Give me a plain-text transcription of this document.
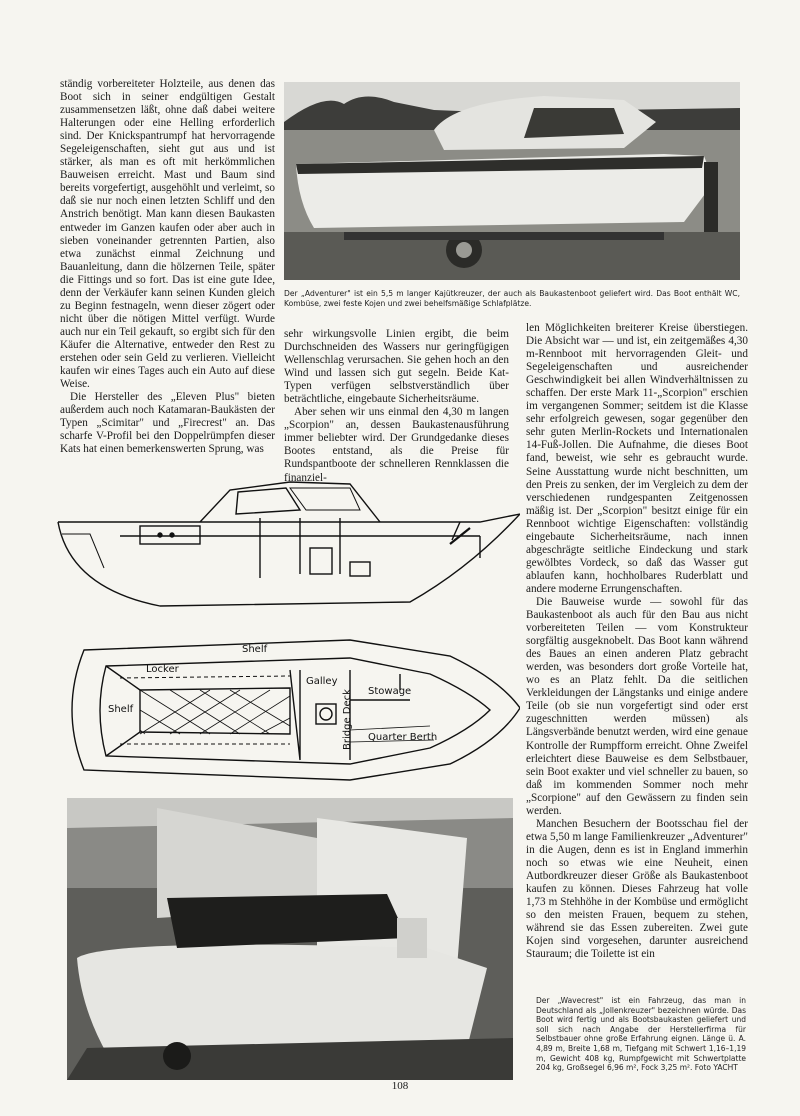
ständig vorbereiteter Holzteile, aus denen das Boot sich in seiner endgültigen Gestalt zusammensetzen läßt, ohne daß dabei weitere Halterungen oder eine Helling erforderlich sind. Der Knickspantrumpf hat hervorragende Segeleigenschaften, sieht gut aus und ist stärker, als man es oft mit herkömmlichen Bauweisen erreicht. Mast und Baum sind bereits vorgefertigt, ausgehöhlt und verleimt, so daß sie nur noch einen letzten Schliff und den Anstrich benötigt. Man kann diesen Baukasten entweder im Ganzen kaufen oder aber auch in sieben voneinander getrennten Partien, also etwa zunächst einmal Zeichnung und Bauanleitung, dann die hölzernen Teile, später die Fittings und so fort. Das ist eine gute Idee, denn der Verkäufer kann seinen Kunden gleich zu Beginn festnageln, wenn dieser zögert oder nicht über die nötigen Mittel verfügt. Wurde auch nur ein Teil gekauft, so ergibt sich für den Käufer die Alternative, entweder den Rest zu erstehen oder sein Geld zu verlieren. Vielleicht kaufen wir eines Tages auch ein Auto auf diese Weise.

Die Hersteller des „Eleven Plus" bieten außerdem auch noch Katamaran-Baukästen der Typen „Scimitar" und „Firecrest" an. Das scharfe V-Profil bei den Doppelrümpfen dieser Kats hat einen bemerkenswerten Sprung, was

Der „Adventurer" ist ein 5,5 m langer Kajütkreuzer, der auch als Baukastenboot geliefert wird. Das Boot enthält WC, Kombüse, zwei feste Kojen und zwei behelfsmäßige Schlafplätze.

sehr wirkungsvolle Linien ergibt, die beim Durchschneiden des Wassers nur geringfügigen Wellenschlag verursachen. Sie gehen hoch an den Wind und lassen sich gut segeln. Beide Kat-Typen verfügen selbstverständlich über beträchtliche, eingebaute Sicherheitsräume.

Aber sehen wir uns einmal den 4,30 m langen „Scorpion" an, dessen Baukastenausführung immer beliebter wird. Der Grundgedanke dieses Bootes entstand, als die Preise für Rundspantboote der schnelleren Rennklassen die finanziel-

len Möglichkeiten breiterer Kreise überstiegen. Die Absicht war — und ist, ein zeitgemäßes 4,30 m-Rennboot mit hervorragenden Gleit- und Segeleigenschaften und ausreichender Geschwindigkeit bei allen Windverhältnissen zu schaffen. Der erste Mark 11-„Scorpion" erschien im vergangenen Sommer; seitdem ist die Klasse sehr erfolgreich gewesen, sogar gegenüber den sehr guten Merlin-Rockets und Internationalen 14-Fuß-Jollen. Die Aufnahme, die dieses Boot fand, beweist, wie sehr es gebraucht wurde. Seine Ausstattung wurde nicht beschnitten, um den Preis zu senken, der im Vergleich zu dem der verschiedenen rundgespanten Zeitgenossen mäßig ist. Der „Scorpion" besitzt einige für ein Rennboot wichtige Eigenschaften: vollständig eingebaute Sicherheitsräume, nach innen abgeschrägte seitliche Eindeckung und stark gewölbtes Vordeck, so daß das Wasser gut ablaufen kann, hochholbares Ruderblatt und andere moderne Errungenschaften.

Die Bauweise wurde — sowohl für das Baukastenboot als auch für den Bau aus nicht vorbereiteten Teilen — vom Konstrukteur sorgfältig ausgeknobelt. Das Boot kann während des Baues an einen anderen Platz gebracht werden, was besonders dort große Vorteile hat, wo es an Platz fehlt. Da die seitlichen Verkleidungen der Längstanks und einige andere Teile (ob sie nun vorgefertigt sind oder erst zugeschnitten werden müssen) als Längsverbände benutzt werden, wird eine genaue Kontrolle der Rumpfform erreicht. Ohne Zweifel erleichtert diese Bauweise es dem Selbstbauer, sein Boot exakter und viel schneller zu bauen, so daß im kommenden Sommer noch mehr „Scorpione" auf den Gewässern zu finden sein werden.

Manchen Besuchern der Bootsschau fiel der etwa 5,50 m lange Familienkreuzer „Adventurer" in die Augen, denn es ist in England immerhin noch so etwas wie eine Neuheit, einen Autbordkreuzer dieser Größe als Baukastenboot kaufen zu können. Dieses Fahrzeug hat volle 1,73 m Stehhöhe in der Kombüse und ermöglicht so den meisten Frauen, bequem zu stehen, während sie das Essen zubereiten. Zwei gute Kojen sind vorgesehen, darunter ausreichend Stauraum; die Toilette ist ein

Locker
Shelf
Shelf
Galley
Stowage
Bridge Deck Quarter Berth
Der „Wavecrest" ist ein Fahrzeug, das man in Deutschland als „Jollenkreuzer" bezeichnen würde. Das Boot wird fertig und als Bootsbaukasten geliefert und soll sich nach Angabe der Herstellerfirma für Selbstbauer ohne große Erfahrung eignen. Länge ü. A. 4,89 m, Breite 1,68 m, Tiefgang mit Schwert 1,16–1,19 m, Gewicht 408 kg, Rumpfgewicht mit Schwertplatte 204 kg, Großsegel 6,96 m², Fock 3,25 m². Foto YACHT
108
